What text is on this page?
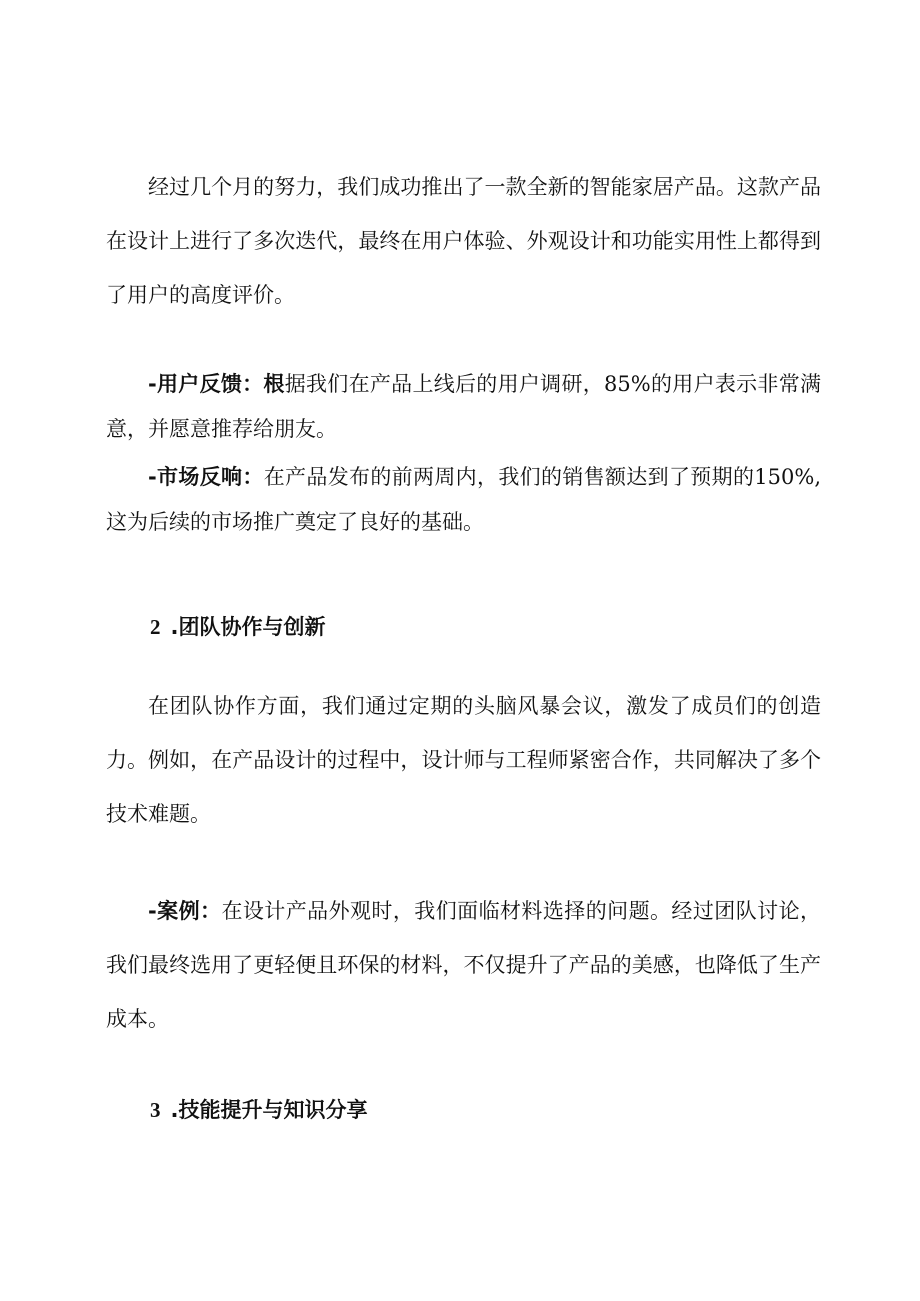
经过几个月的努力，我们成功推出了一款全新的智能家居产品。这款产品在设计上进行了多次迭代，最终在用户体验、外观设计和功能实用性上都得到了用户的高度评价。

-用户反馈：根据我们在产品上线后的用户调研，85%的用户表示非常满意，并愿意推荐给朋友。

-市场反响：在产品发布的前两周内，我们的销售额达到了预期的150%,这为后续的市场推广奠定了良好的基础。

2 .团队协作与创新

在团队协作方面，我们通过定期的头脑风暴会议，激发了成员们的创造力。例如，在产品设计的过程中，设计师与工程师紧密合作，共同解决了多个技术难题。

-案例：在设计产品外观时，我们面临材料选择的问题。经过团队讨论，我们最终选用了更轻便且环保的材料，不仅提升了产品的美感，也降低了生产成本。

3 .技能提升与知识分享
